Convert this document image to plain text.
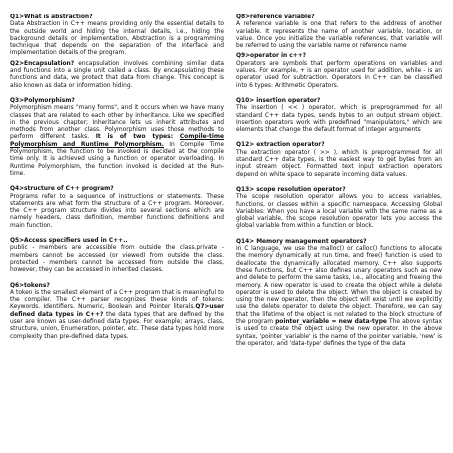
Q1>What is abstraction?

Data Abstraction in C++ means providing only the essential details to the outside world and hiding the internal details, i.e., hiding the background details or implementation. Abstraction is a programming technique that depends on the separation of the interface and implementation details of the program.

Q2>Encapsulation? encapsulation involves combining similar data and functions into a single unit called a class. By encapsulating these functions and data, we protect that data from change. This concept is also known as data or information hiding.

Q3>Polymorphism?

Polymorphism means "many forms", and it occurs when we have many classes that are related to each other by inheritance. Like we specified in the previous chapter; Inheritance lets us inherit attributes and methods from another class. Polymorphism uses those methods to perform different tasks. It is of two types: Compile-time Polymorphism and Runtime Polymorphism. In Compile Time Polymorphism, the function to be invoked is decided at the compile time only. It is achieved using a function or operator overloading. In Runtime Polymorphism, the function invoked is decided at the Run-time.

Q4>structure of C++ program?

Programs refer to a sequence of instructions or statements. These statements are what form the structure of a C++ program. Moreover, the C++ program structure divides into several sections which are namely headers, class definition, member functions definitions and main function.

Q5>Access specifiers used in C++..

public - members are accessible from outside the class.private - members cannot be accessed (or viewed) from outside the class. protected - members cannot be accessed from outside the class, however, they can be accessed in inherited classes.

Q6>tokens?

A token is the smallest element of a C++ program that is meaningful to the compiler. The C++ parser recognizes these kinds of tokens: Keywords. Identifiers. Numeric, Boolean and Pointer literals.Q7>user defined data types in C++? the data types that are defined by the user are known as user-defined data types. For example; arrays, class, structure, union, Enumeration, pointer, etc. These data types hold more complexity than pre-defined data types.

Q8>reference variable?

A reference variable is one that refers to the address of another variable. It represents the name of another variable, location, or value. Once you initialize the variable references, that variable will be referred to using the variable name or reference name

Q9>operator in c++?

Operators are symbols that perform operations on variables and values. For example, + is an operator used for addition, while - is an operator used for subtraction. Operators in C++ can be classified into 6 types: Arithmetic Operators.

Q10> insertion operator?

The insertion ( << ) operator, which is preprogrammed for all standard C++ data types, sends bytes to an output stream object. Insertion operators work with predefined "manipulators," which are elements that change the default format of integer arguments

Q12> extraction operator?

The extraction operator ( >> ), which is preprogrammed for all standard C++ data types, is the easiest way to get bytes from an input stream object. Formatted text input extraction operators depend on white space to separate incoming data values.

Q13> scope resolution operator?

The scope resolution operator allows you to access variables, functions, or classes within a specific namespace. Accessing Global Variables: When you have a local variable with the same name as a global variable, the scope resolution operator lets you access the global variable from within a function or block.

Q14> Memory management operators?

In C language, we use the malloc() or calloc() functions to allocate the memory dynamically at run time, and free() function is used to deallocate the dynamically allocated memory. C++ also supports these functions, but C++ also defines unary operators such as new and delete to perform the same tasks, i.e., allocating and freeing the memory. A new operator is used to create the object while a delete operator is used to delete the object. When the object is created by using the new operator, then the object will exist until we explicitly use the delete operator to delete the object. Therefore, we can say that the lifetime of the object is not related to the block structure of the program pointer_variable = new data-type The above syntax is used to create the object using the new operator. In the above syntax, 'pointer_variable' is the name of the pointer variable, 'new' is the operator, and 'data-type' defines the type of the data
